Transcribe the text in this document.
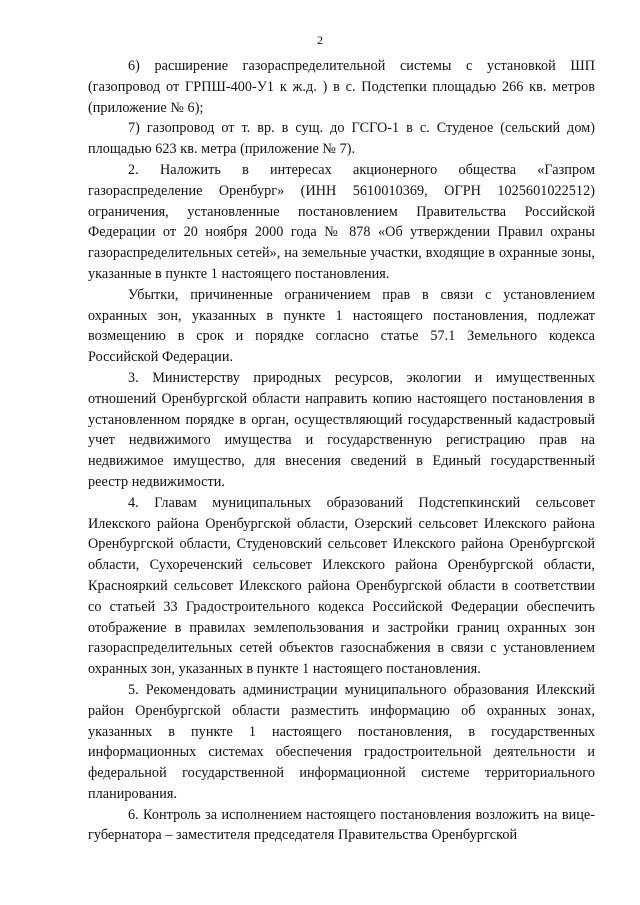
2

6) расширение газораспределительной системы с установкой ШП (газопровод от ГРПШ-400-У1 к ж.д. ) в с. Подстепки площадью 266 кв. метров (приложение № 6);

7) газопровод от т. вр. в сущ. до ГСГО-1 в с. Студеное (сельский дом) площадью 623 кв. метра (приложение № 7).

2. Наложить в интересах акционерного общества «Газпром газораспределение Оренбург» (ИНН 5610010369, ОГРН 1025601022512) ограничения, установленные постановлением Правительства Российской Федерации от 20 ноября 2000 года № 878 «Об утверждении Правил охраны газораспределительных сетей», на земельные участки, входящие в охранные зоны, указанные в пункте 1 настоящего постановления.

Убытки, причиненные ограничением прав в связи с установлением охранных зон, указанных в пункте 1 настоящего постановления, подлежат возмещению в срок и порядке согласно статье 57.1 Земельного кодекса Российской Федерации.

3. Министерству природных ресурсов, экологии и имущественных отношений Оренбургской области направить копию настоящего постановления в установленном порядке в орган, осуществляющий государственный кадастровый учет недвижимого имущества и государственную регистрацию прав на недвижимое имущество, для внесения сведений в Единый государственный реестр недвижимости.

4. Главам муниципальных образований Подстепкинский сельсовет Илекского района Оренбургской области, Озерский сельсовет Илекского района Оренбургской области, Студеновский сельсовет Илекского района Оренбургской области, Сухореченский сельсовет Илекского района Оренбургской области, Краснояркий сельсовет Илекского района Оренбургской области в соответствии со статьей 33 Градостроительного кодекса Российской Федерации обеспечить отображение в правилах землепользования и застройки границ охранных зон газораспределительных сетей объектов газоснабжения в связи с установлением охранных зон, указанных в пункте 1 настоящего постановления.

5. Рекомендовать администрации муниципального образования Илекский район Оренбургской области разместить информацию об охранных зонах, указанных в пункте 1 настоящего постановления, в государственных информационных системах обеспечения градостроительной деятельности и федеральной государственной информационной системе территориального планирования.

6. Контроль за исполнением настоящего постановления возложить на вице-губернатора – заместителя председателя Правительства Оренбургской
